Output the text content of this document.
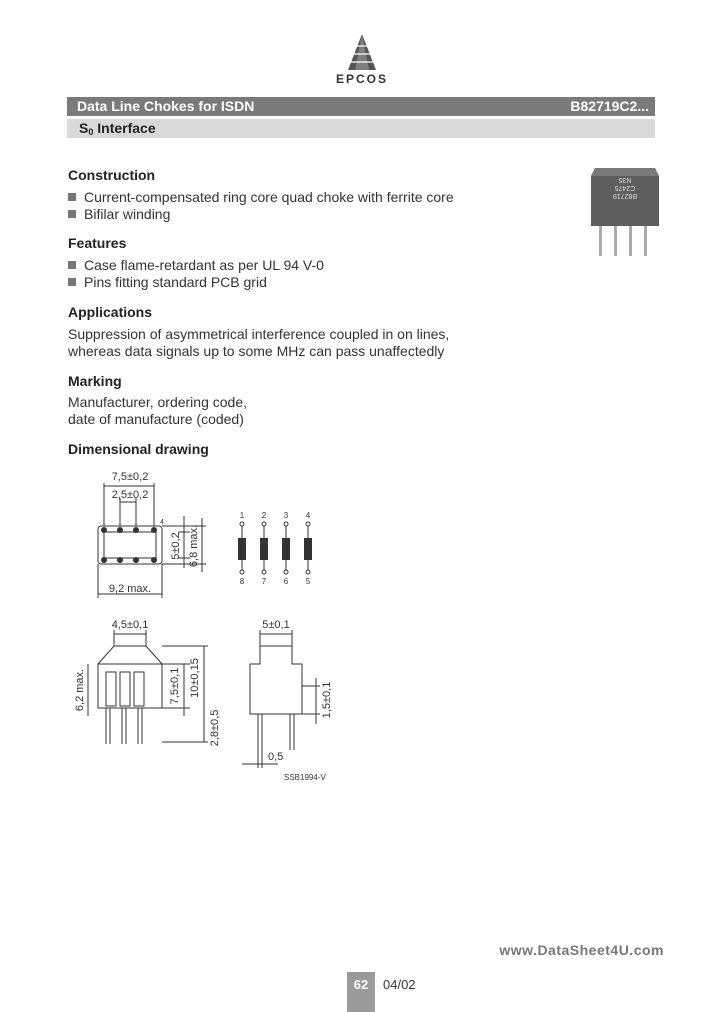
EPCOS
Data Line Chokes for ISDN	B82719C2...
$S_0$ Interface
B82719
C2475
N35
Construction
Current-compensated ring core quad choke with ferrite core
Bifilar winding
Features
Case flame-retardant as per UL 94 V-0
Pins fitting standard PCB grid
Applications
Suppression of asymmetrical interference coupled in on lines,
whereas data signals up to some MHz can pass unaffectedly
Marking
Manufacturer, ordering code,
date of manufacture (coded)
Dimensional drawing
7,5±0,2
2,5±0,2
4
5±0,2 6,8 max.
9,2 max.
1 2 3 4
8 7 6 5
4,5±0,1
6,2 max.	7,5±0,1 10±0,15
2,8±0,5
5±0,1
1,5±0,1
0,5
SSB1994-V
www.DataSheet4U.com
62	04/02
